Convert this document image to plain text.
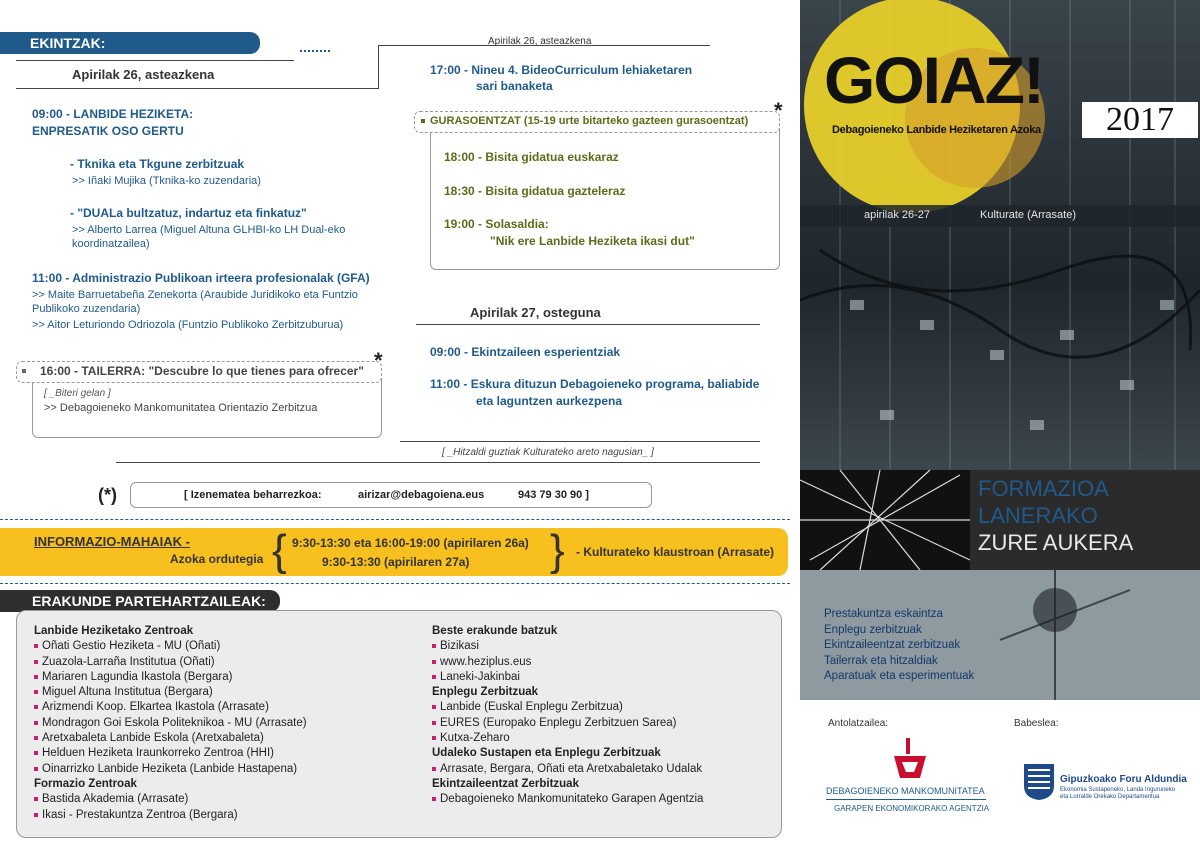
EKINTZAK:
Apirilak 26, asteazkena
Apirilak 26, asteazkena
09:00 - LANBIDE HEZIKETA:
ENPRESATIK OSO GERTU
- Tknika eta Tkgune zerbitzuak
>> Iñaki Mujika (Tknika-ko zuzendaria)
- "DUALa bultzatuz, indartuz eta finkatuz"
>> Alberto Larrea (Miguel Altuna GLHBI-ko LH Dual-eko
koordinatzailea)
11:00 - Administrazio Publikoan irteera profesionalak (GFA)
>> Maite Barruetabeña Zenekorta (Araubide Juridikoko eta Funtzio
Publikoko zuzendaria)
>> Aitor Leturiondo Odriozola (Funtzio Publikoko Zerbitzuburua)
16:00 - TAILERRA: "Descubre lo que tienes para ofrecer" *
[ _Biteri gelan ]
>> Debagoieneko Mankomunitatea Orientazio Zerbitzua
17:00 - Nineu 4. BideoCurriculum lehiaketaren
sari banaketa
GURASOENTZAT (15-19 urte bitarteko gazteen gurasoentzat) *
18:00 - Bisita gidatua euskaraz
18:30 - Bisita gidatua gazteleraz
19:00 - Solasaldia:
"Nik ere Lanbide Heziketa ikasi dut"
Apirilak 27, osteguna
09:00 - Ekintzaileen esperientziak
11:00 - Eskura dituzun Debagoieneko programa, baliabide
eta laguntzen aurkezpena
[ _Hitzaldi guztiak Kulturateko areto nagusian_ ]
(*)	[ Izenematea beharrezkoa:	airizar@debagoiena.eus	943 79 30 90 ]
INFORMAZIO-MAHAIAK -
Azoka ordutegia { 9:30-13:30 eta 16:00-19:00 (apirilaren 26a)
9:30-13:30 (apirilaren 27a) } - Kulturateko klaustroan (Arrasate)
ERAKUNDE PARTEHARTZAILEAK:
Lanbide Heziketako Zentroak
Oñati Gestio Heziketa - MU (Oñati)
Zuazola-Larraña Institutua (Oñati)
Mariaren Lagundia Ikastola (Bergara)
Miguel Altuna Institutua (Bergara)
Arizmendi Koop. Elkartea Ikastola (Arrasate)
Mondragon Goi Eskola Politeknikoa - MU (Arrasate)
Aretxabaleta Lanbide Eskola (Aretxabaleta)
Helduen Heziketa Iraunkorreko Zentroa (HHI)
Oinarrizko Lanbide Heziketa (Lanbide Hastapena)
Formazio Zentroak
Bastida Akademia (Arrasate)
Ikasi - Prestakuntza Zentroa (Bergara)
Beste erakunde batzuk
Bizikasi
www.heziplus.eus
Laneki-Jakinbai
Enplegu Zerbitzuak
Lanbide (Euskal Enplegu Zerbitzua)
EURES (Europako Enplegu Zerbitzuen Sarea)
Kutxa-Zeharo
Udaleko Sustapen eta Enplegu Zerbitzuak
Arrasate, Bergara, Oñati eta Aretxabaletako Udalak
Ekintzaileentzat Zerbitzuak
Debagoieneko Mankomunitateko Garapen Agentzia
GOIAZ!
Debagoieneko Lanbide Heziketaren Azoka	2017
apirilak 26-27	Kulturate (Arrasate)
FORMAZIOA
LANERAKO
ZURE AUKERA
Prestakuntza eskaintza
Enplegu zerbitzuak
Ekintzaileentzat zerbitzuak
Tailerrak eta hitzaldiak
Aparatuak eta esperimentuak
Antolatzailea:	Babeslea:
DEBAGOIENEKO MANKOMUNITATEA
GARAPEN EKONOMIKORAKO AGENTZIA
Gipuzkoako Foru Aldundia
Ekonomia Sustapeneko, Landa Inguruneko
eta Lurralde Orekako Departamentua
